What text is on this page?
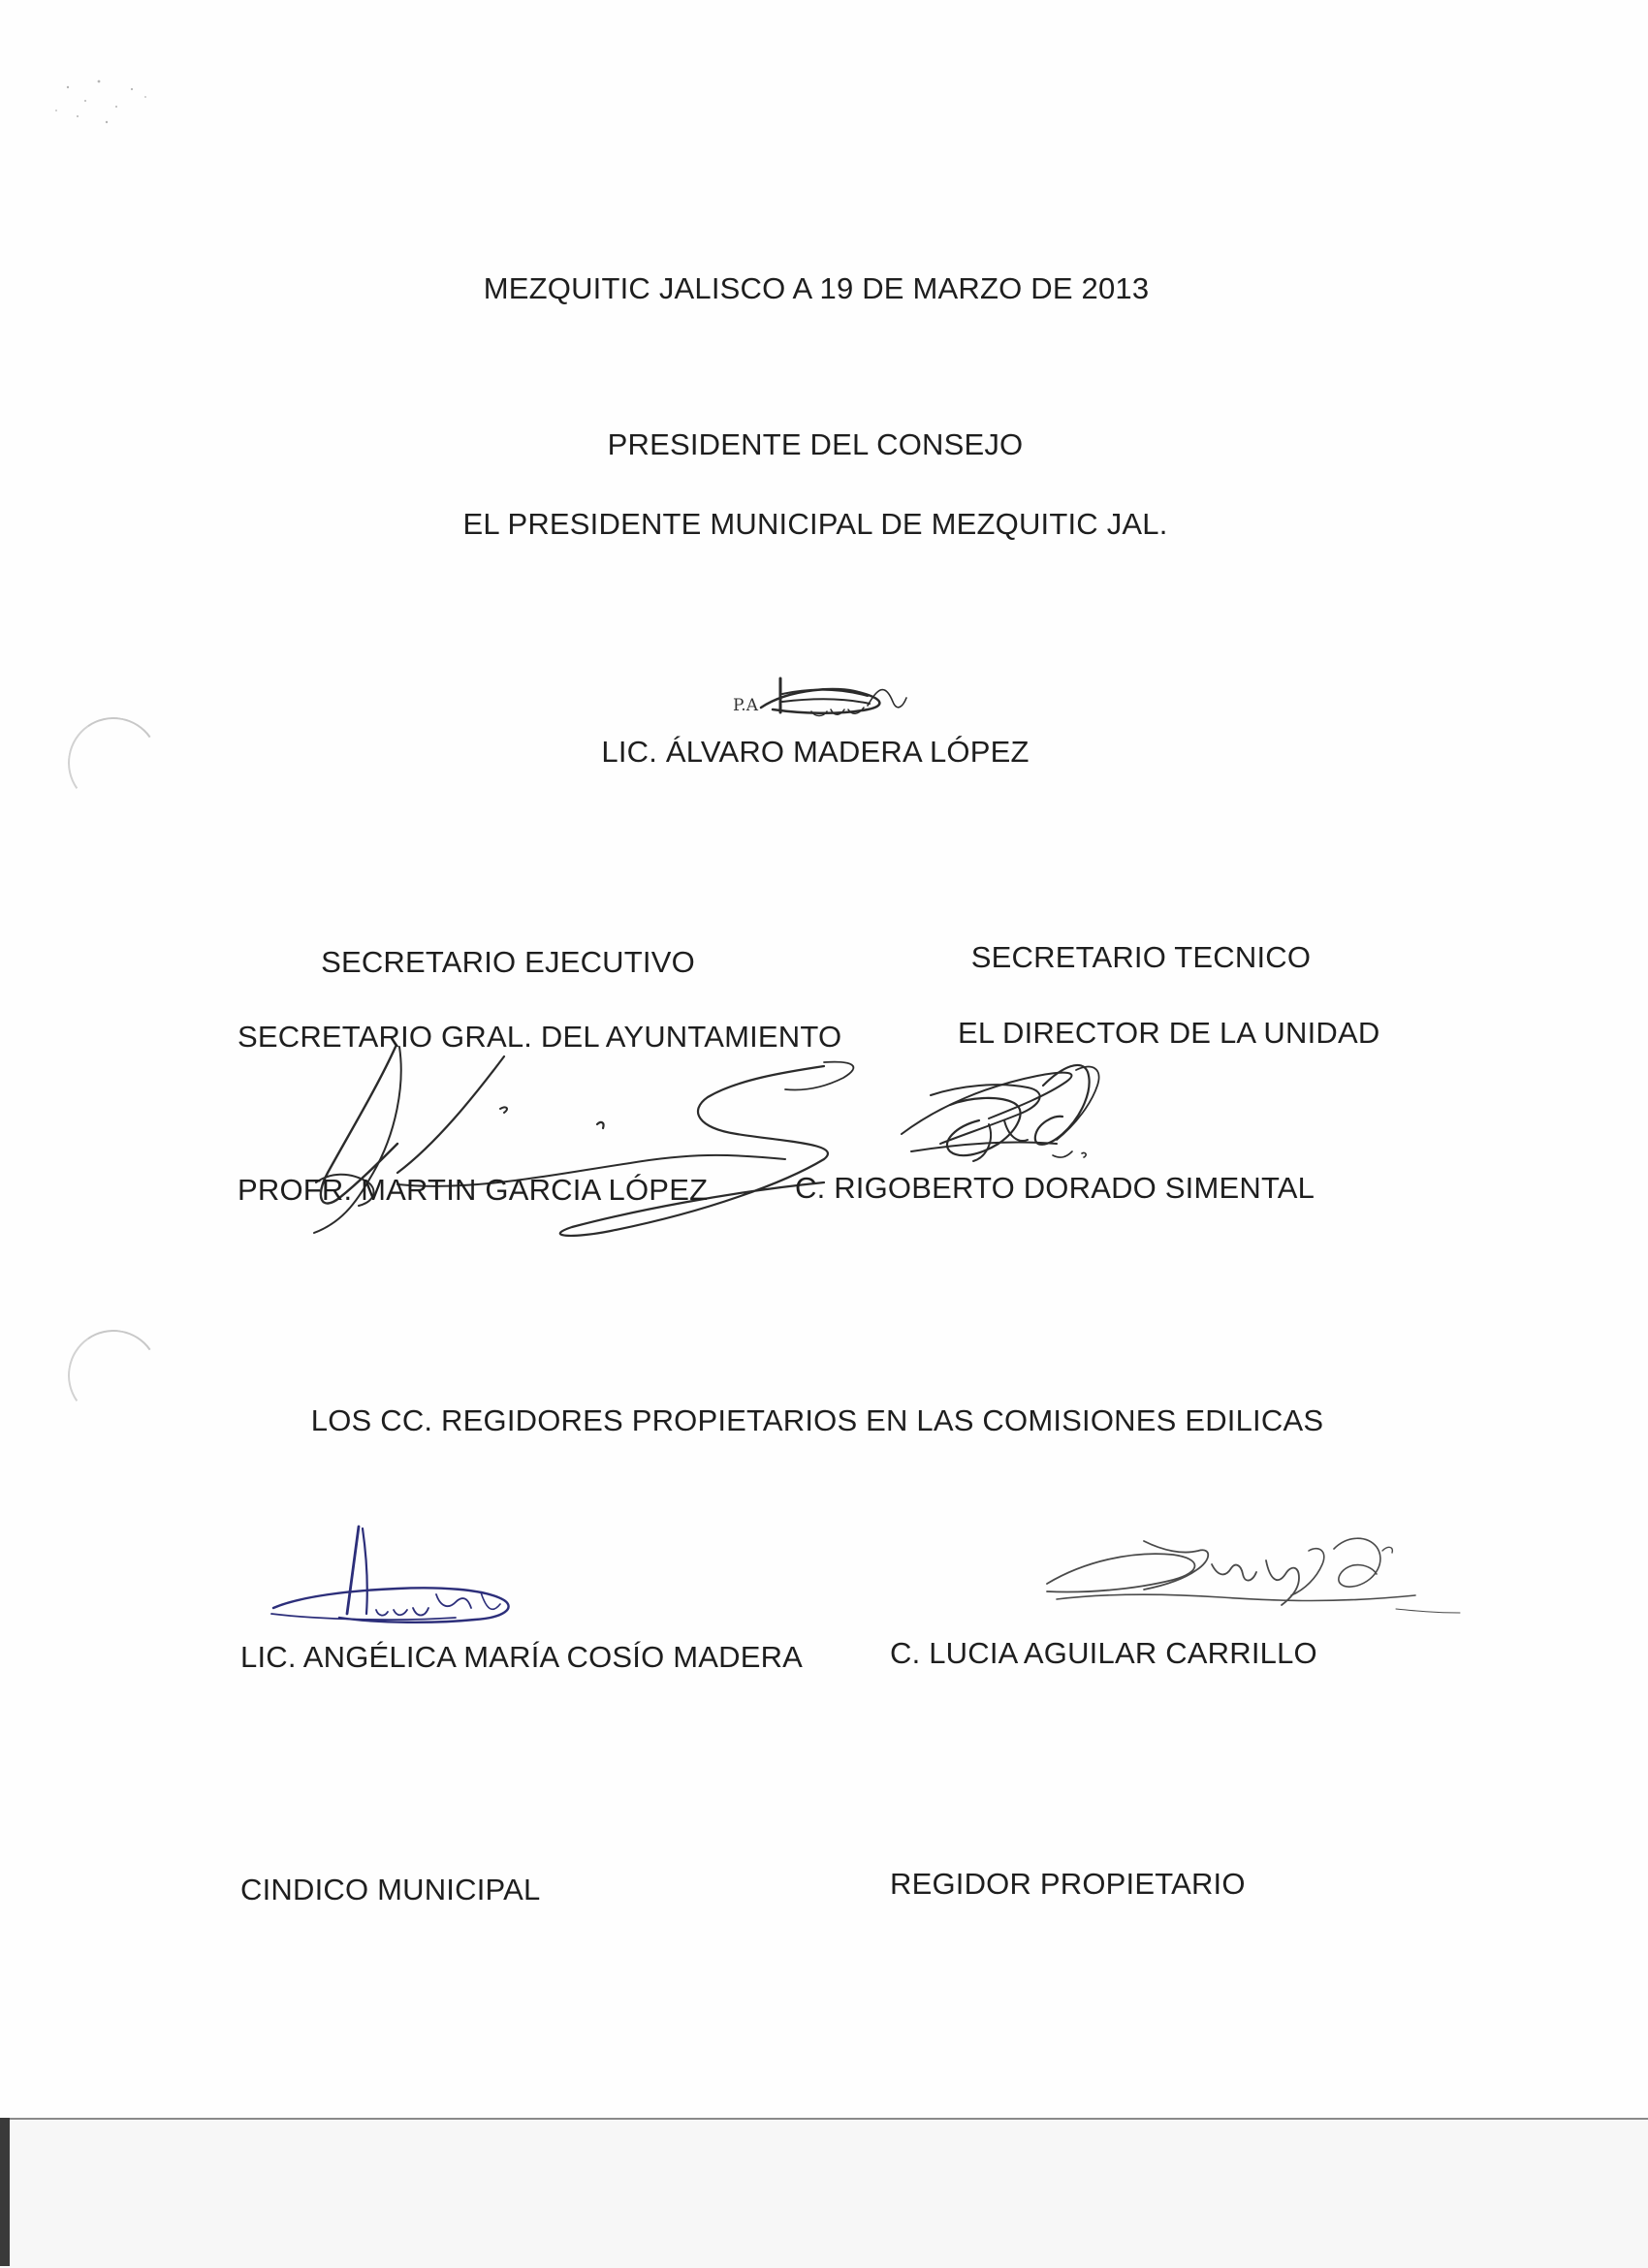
MEZQUITIC JALISCO A 19 DE MARZO DE 2013
PRESIDENTE DEL CONSEJO
EL PRESIDENTE MUNICIPAL DE MEZQUITIC JAL.
P.A
LIC. ÁLVARO MADERA LÓPEZ
SECRETARIO EJECUTIVO	SECRETARIO TECNICO
SECRETARIO GRAL. DEL AYUNTAMIENTO	EL DIRECTOR DE LA UNIDAD
PROFR. MARTIN GARCIA LÓPEZ	C. RIGOBERTO DORADO SIMENTAL
LOS CC. REGIDORES PROPIETARIOS EN LAS COMISIONES EDILICAS
LIC. ANGÉLICA MARÍA COSÍO MADERA	C. LUCIA AGUILAR CARRILLO
CINDICO MUNICIPAL	REGIDOR PROPIETARIO
